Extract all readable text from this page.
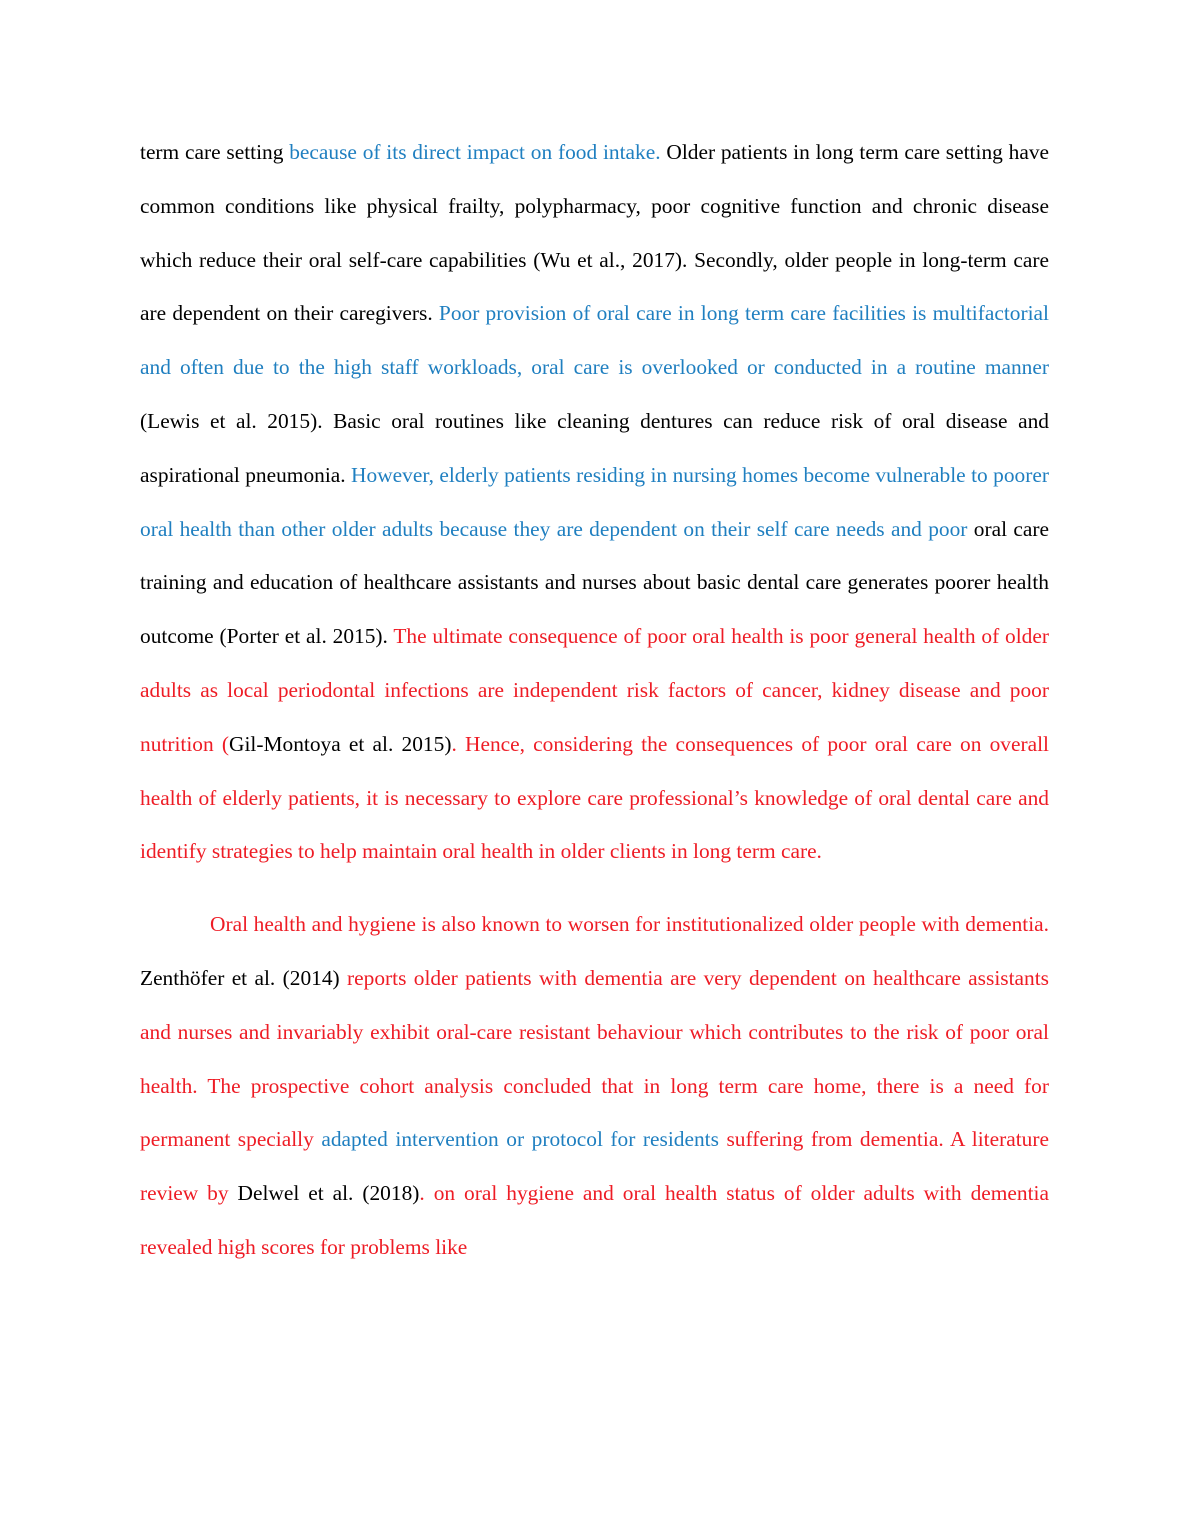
term care setting because of its direct impact on food intake. Older patients in long term care setting have common conditions like physical frailty, polypharmacy, poor cognitive function and chronic disease which reduce their oral self-care capabilities (Wu et al., 2017). Secondly, older people in long-term care are dependent on their caregivers. Poor provision of oral care in long term care facilities is multifactorial and often due to the high staff workloads, oral care is overlooked or conducted in a routine manner (Lewis et al. 2015). Basic oral routines like cleaning dentures can reduce risk of oral disease and aspirational pneumonia. However, elderly patients residing in nursing homes become vulnerable to poorer oral health than other older adults because they are dependent on their self care needs and poor oral care training and education of healthcare assistants and nurses about basic dental care generates poorer health outcome (Porter et al. 2015). The ultimate consequence of poor oral health is poor general health of older adults as local periodontal infections are independent risk factors of cancer, kidney disease and poor nutrition (Gil-Montoya et al. 2015). Hence, considering the consequences of poor oral care on overall health of elderly patients, it is necessary to explore care professional’s knowledge of oral dental care and identify strategies to help maintain oral health in older clients in long term care.

Oral health and hygiene is also known to worsen for institutionalized older people with dementia. Zenthöfer et al. (2014) reports older patients with dementia are very dependent on healthcare assistants and nurses and invariably exhibit oral-care resistant behaviour which contributes to the risk of poor oral health. The prospective cohort analysis concluded that in long term care home, there is a need for permanent specially adapted intervention or protocol for residents suffering from dementia. A literature review by Delwel et al. (2018). on oral hygiene and oral health status of older adults with dementia revealed high scores for problems like
